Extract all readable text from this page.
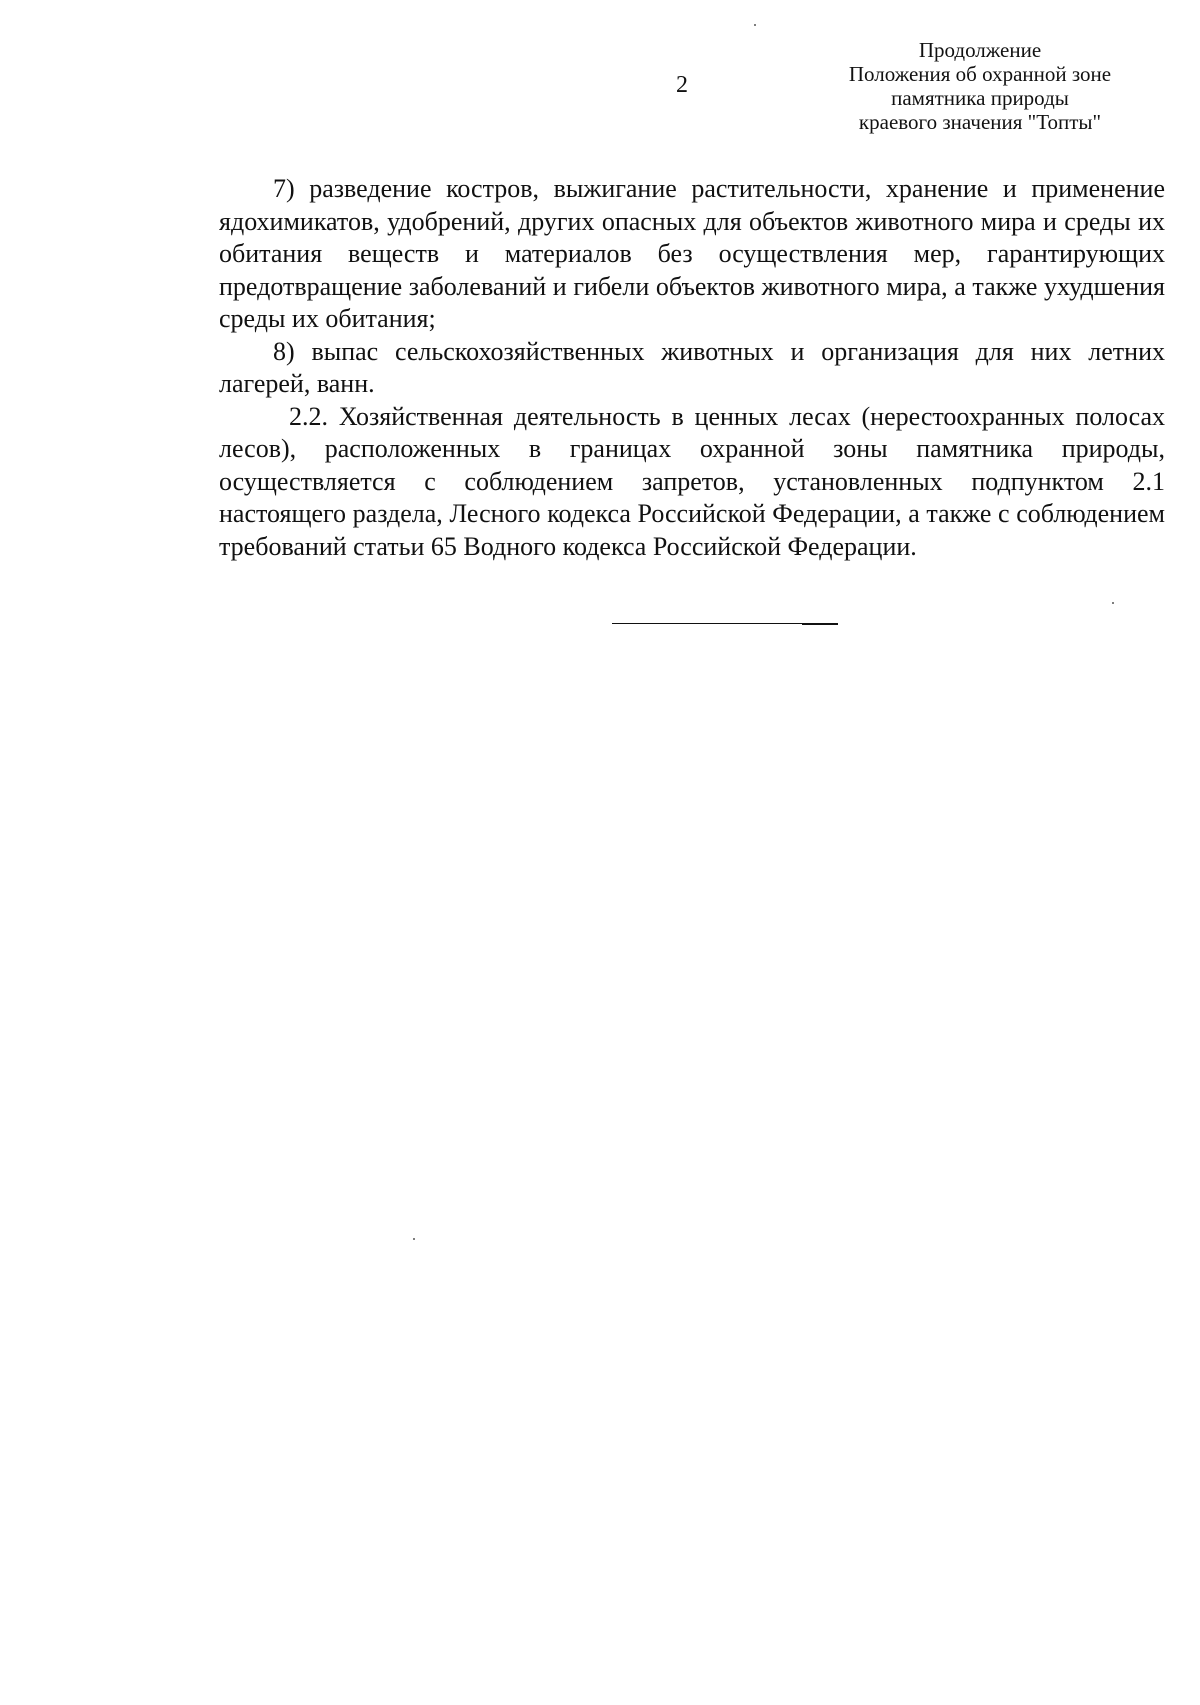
2
Продолжение
Положения об охранной зоне
памятника природы
краевого значения "Топты"

7) разведение костров, выжигание растительности, хранение и применение ядохимикатов, удобрений, других опасных для объектов животного мира и среды их обитания веществ и материалов без осуществления мер, гарантирующих предотвращение заболеваний и гибели объектов животного мира, а также ухудшения среды их обитания;

8) выпас сельскохозяйственных животных и организация для них летних лагерей, ванн.

2.2. Хозяйственная деятельность в ценных лесах (нерестоохранных полосах лесов), расположенных в границах охранной зоны памятника природы, осуществляется с соблюдением запретов, установленных подпунктом 2.1 настоящего раздела, Лесного кодекса Российской Федерации, а также с соблюдением требований статьи 65 Водного кодекса Российской Федерации.
